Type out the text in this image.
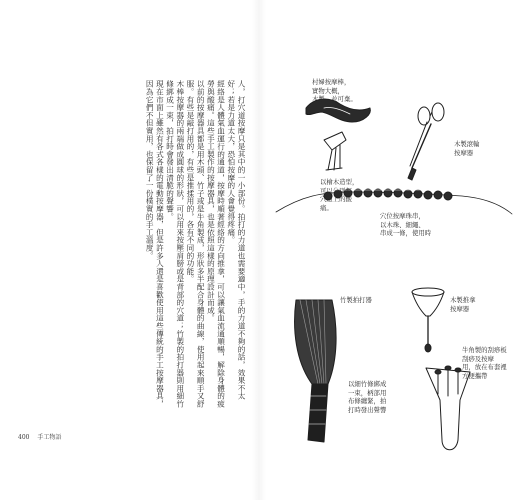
人，打穴道按摩只是其中的一小部份。拍打的力道也需要適中，手的力道不夠的話，效果不太好；若是力道太大，恐怕按摩的人會覺得疼痛。

經絡是人體氣血運行的通道，按摩時順著經絡的方向推拿，可以讓氣血流通順暢，解除身體的疲勞與酸痛。這些手工製作的按摩器具，也是依照這樣的原理設計而成。

以前的按摩器具都是用木頭、竹子或是牛角製成，形狀多半配合身體的曲線，使用起來順手又舒服。有些是敲打用的，有些是推揉用的，各有不同的功能。

木棒按摩器的兩端做成圓球的形狀，可以用來按壓肩膀或是背部的穴道；竹製的拍打器則用細竹條綁成一束，拍打時會發出清脆的聲響。

現在市面上雖然有各式各樣的電動按摩器，但是許多人還是喜歡使用這些傳統的手工按摩器具，因為它們不但實用，也保留了一份樸實的手工溫度。

400 手工物語
村婦按摩棒，
實物大概，
木製，並可棄。
木製滾輪
按摩器
以檜木造型，
可以分別打
穴道上的酸
痛。
穴位按摩珠串，
以木珠、細繩、
串成一條，使用時
竹製拍打器	木製推拿
按摩器
以細竹條綁成
一束，柄部用
布條纏緊，拍
打時發出聲響
牛角製的刮痧板
刮痧及按摩
用，放在布套裡
方便攜帶
